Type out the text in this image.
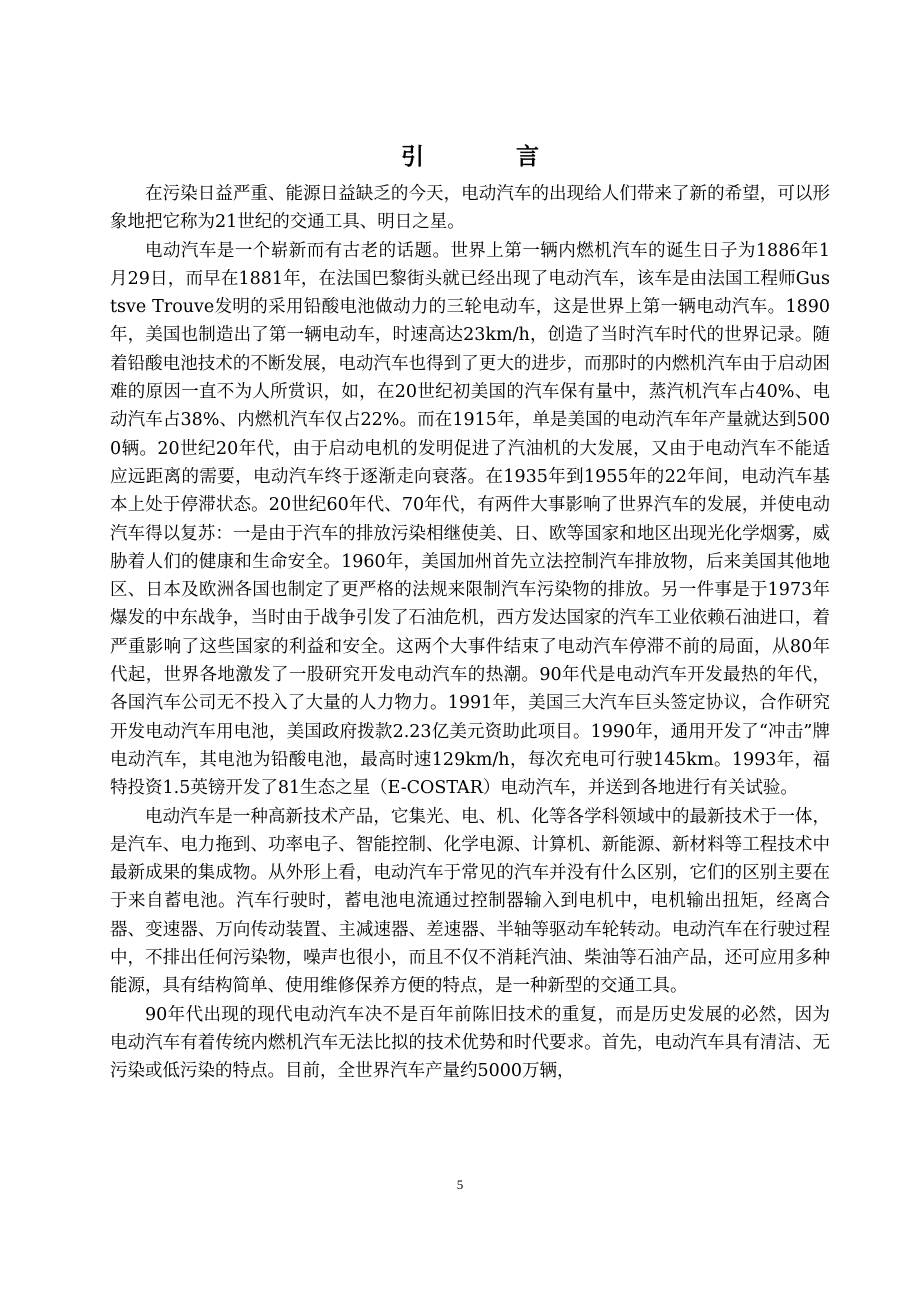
引 言

在污染日益严重、能源日益缺乏的今天，电动汽车的出现给人们带来了新的希望，可以形象地把它称为21世纪的交通工具、明日之星。

电动汽车是一个崭新而有古老的话题。世界上第一辆内燃机汽车的诞生日子为1886年1月29日，而早在1881年，在法国巴黎街头就已经出现了电动汽车，该车是由法国工程师Gustsve Trouve发明的采用铅酸电池做动力的三轮电动车，这是世界上第一辆电动汽车。1890年，美国也制造出了第一辆电动车，时速高达23km/h，创造了当时汽车时代的世界记录。随着铅酸电池技术的不断发展，电动汽车也得到了更大的进步，而那时的内燃机汽车由于启动困难的原因一直不为人所赏识，如，在20世纪初美国的汽车保有量中，蒸汽机汽车占40%、电动汽车占38%、内燃机汽车仅占22%。而在1915年，单是美国的电动汽车年产量就达到5000辆。20世纪20年代，由于启动电机的发明促进了汽油机的大发展，又由于电动汽车不能适应远距离的需要，电动汽车终于逐渐走向衰落。在1935年到1955年的22年间，电动汽车基本上处于停滞状态。20世纪60年代、70年代，有两件大事影响了世界汽车的发展，并使电动汽车得以复苏：一是由于汽车的排放污染相继使美、日、欧等国家和地区出现光化学烟雾，威胁着人们的健康和生命安全。1960年，美国加州首先立法控制汽车排放物，后来美国其他地区、日本及欧洲各国也制定了更严格的法规来限制汽车污染物的排放。另一件事是于1973年爆发的中东战争，当时由于战争引发了石油危机，西方发达国家的汽车工业依赖石油进口，着严重影响了这些国家的利益和安全。这两个大事件结束了电动汽车停滞不前的局面，从80年代起，世界各地激发了一股研究开发电动汽车的热潮。90年代是电动汽车开发最热的年代，各国汽车公司无不投入了大量的人力物力。1991年，美国三大汽车巨头签定协议，合作研究开发电动汽车用电池，美国政府拨款2.23亿美元资助此项目。1990年，通用开发了“冲击”牌电动汽车，其电池为铅酸电池，最高时速129km/h，每次充电可行驶145km。1993年，福特投资1.5英镑开发了81生态之星（E-COSTAR）电动汽车，并送到各地进行有关试验。

电动汽车是一种高新技术产品，它集光、电、机、化等各学科领域中的最新技术于一体，是汽车、电力拖到、功率电子、智能控制、化学电源、计算机、新能源、新材料等工程技术中最新成果的集成物。从外形上看，电动汽车于常见的汽车并没有什么区别，它们的区别主要在于来自蓄电池。汽车行驶时，蓄电池电流通过控制器输入到电机中，电机输出扭矩，经离合器、变速器、万向传动装置、主减速器、差速器、半轴等驱动车轮转动。电动汽车在行驶过程中，不排出任何污染物，噪声也很小，而且不仅不消耗汽油、柴油等石油产品，还可应用多种能源，具有结构简单、使用维修保养方便的特点，是一种新型的交通工具。

90年代出现的现代电动汽车决不是百年前陈旧技术的重复，而是历史发展的必然，因为电动汽车有着传统内燃机汽车无法比拟的技术优势和时代要求。首先，电动汽车具有清洁、无污染或低污染的特点。目前，全世界汽车产量约5000万辆，

5
